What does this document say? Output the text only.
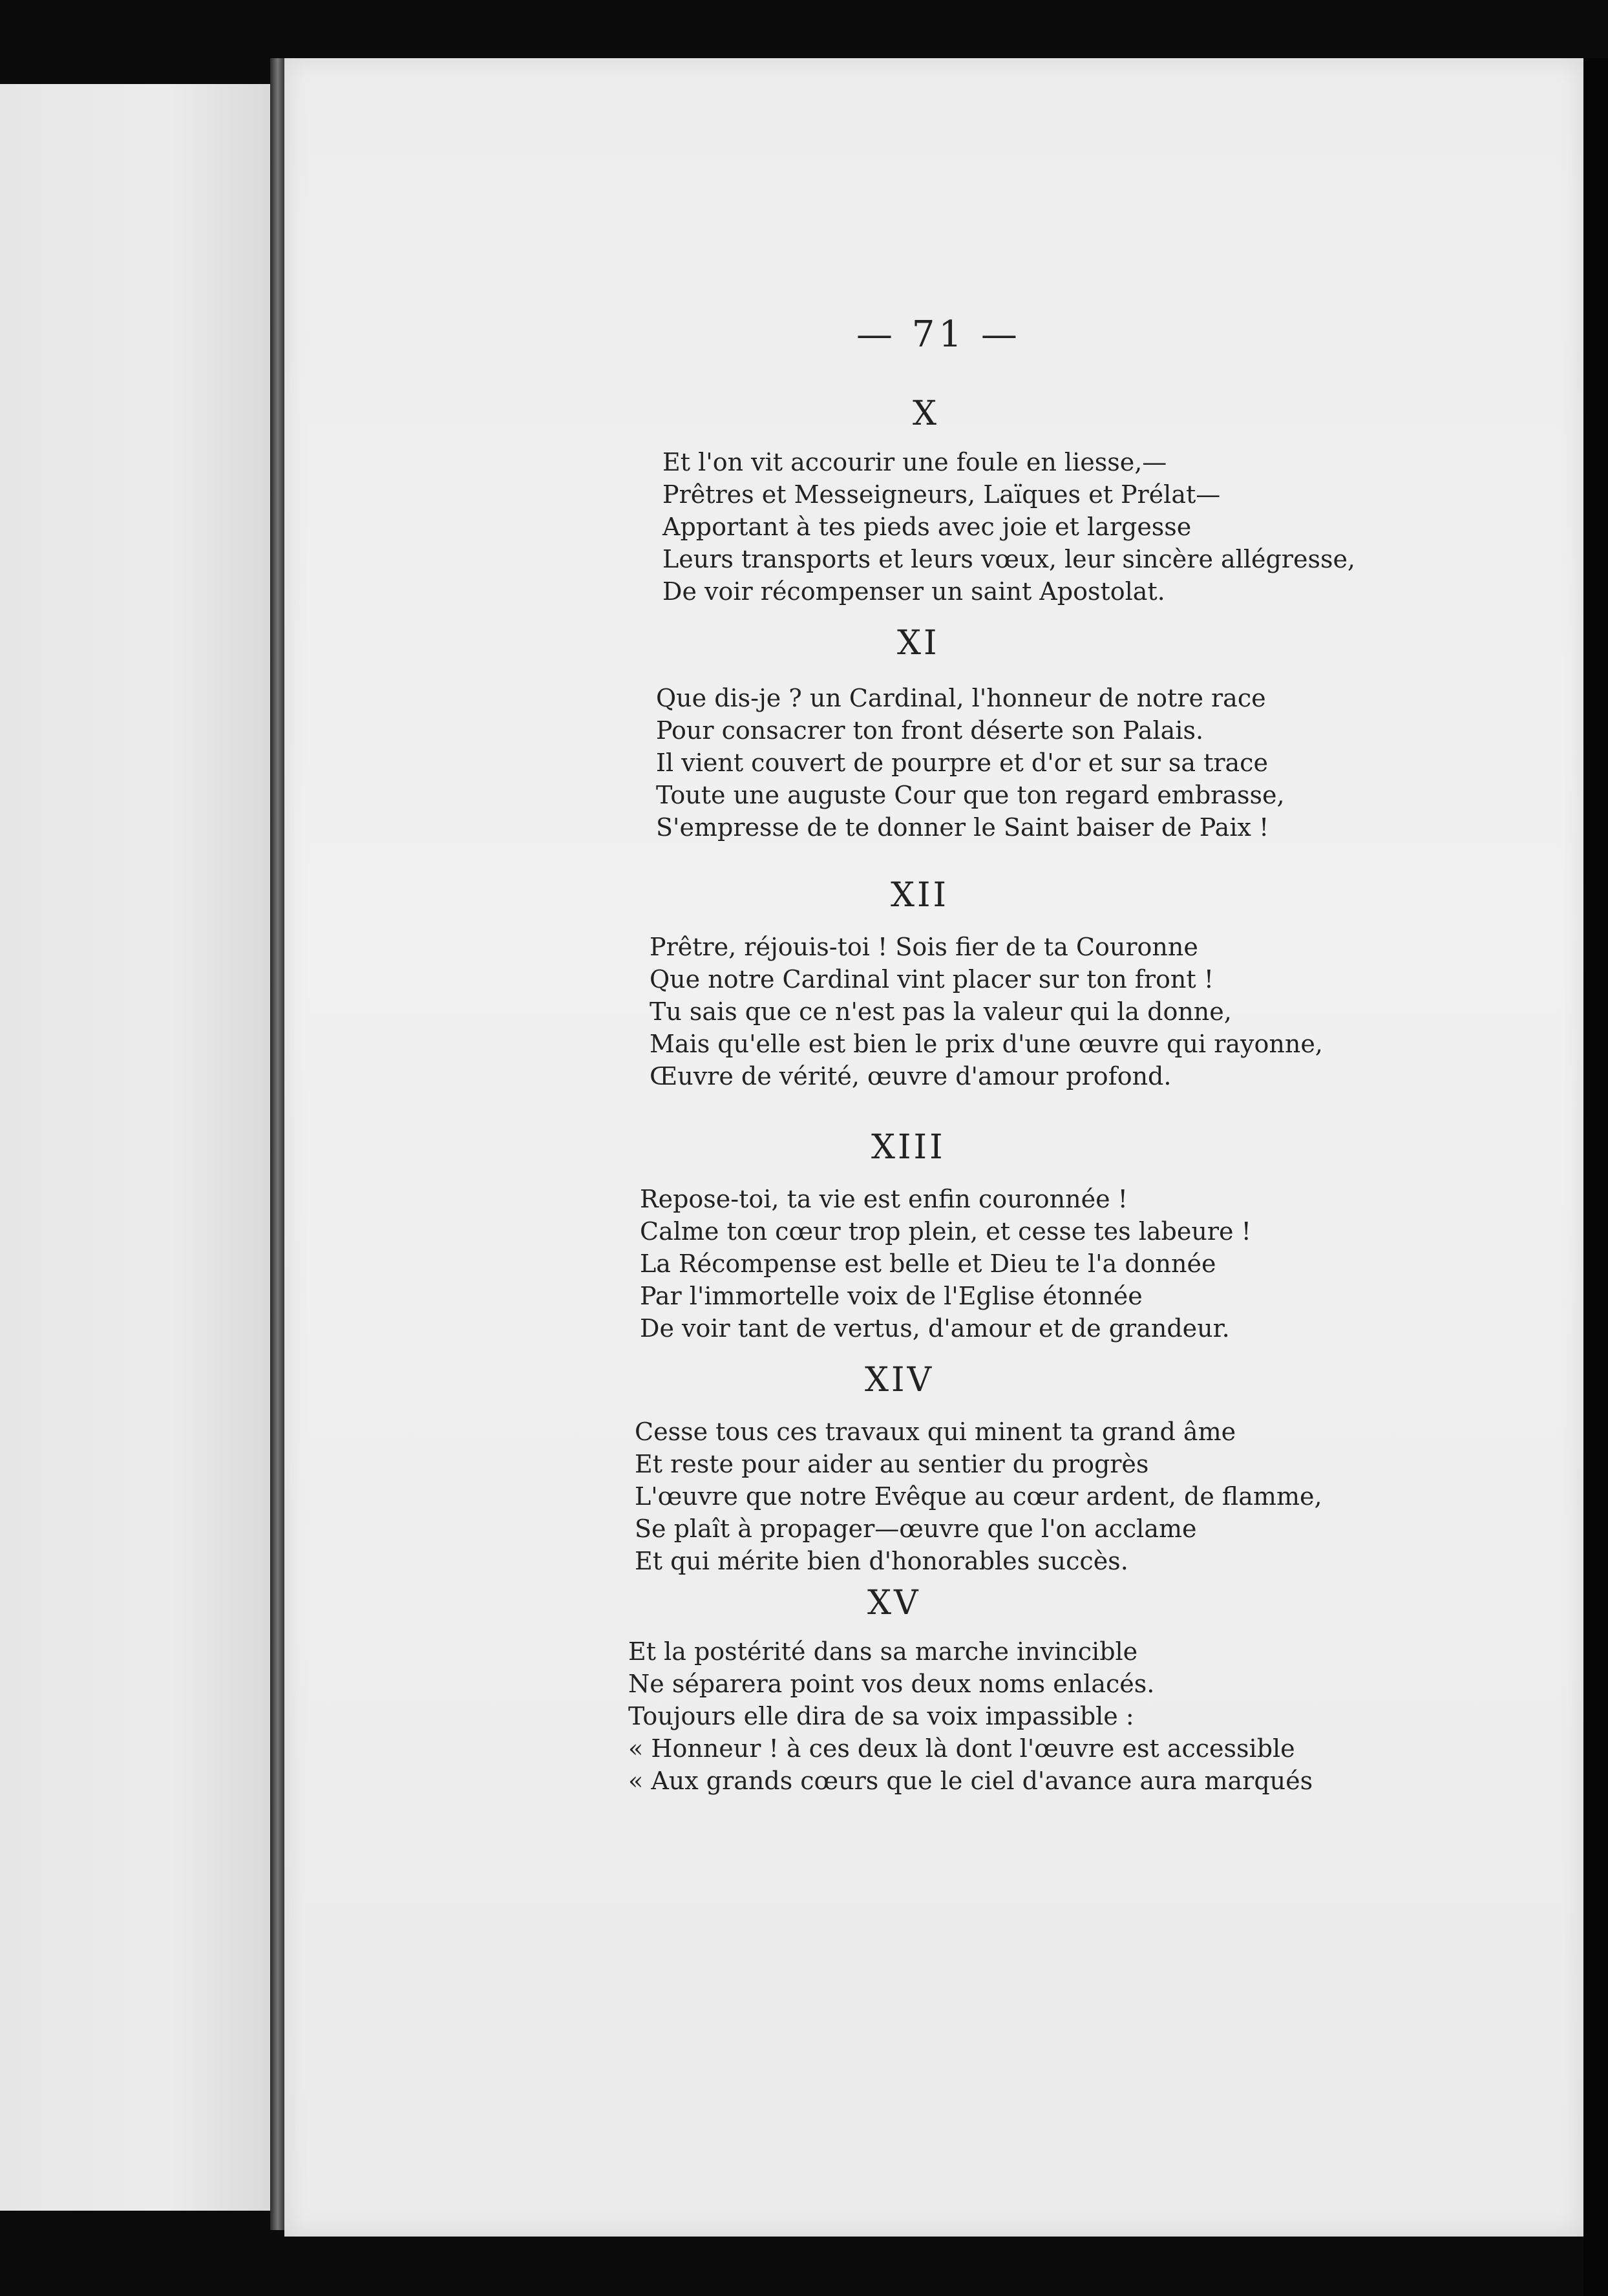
— 71 —
X
Et l'on vit accourir une foule en liesse,—
Prêtres et Messeigneurs, Laïques et Prélat—
Apportant à tes pieds avec joie et largesse
Leurs transports et leurs vœux, leur sincère allégresse,
De voir récompenser un saint Apostolat.
XI
Que dis-je ? un Cardinal, l'honneur de notre race
Pour consacrer ton front déserte son Palais.
Il vient couvert de pourpre et d'or et sur sa trace
Toute une auguste Cour que ton regard embrasse,
S'empresse de te donner le Saint baiser de Paix !
XII
Prêtre, réjouis-toi ! Sois fier de ta Couronne
Que notre Cardinal vint placer sur ton front !
Tu sais que ce n'est pas la valeur qui la donne,
Mais qu'elle est bien le prix d'une œuvre qui rayonne,
Œuvre de vérité, œuvre d'amour profond.
XIII
Repose-toi, ta vie est enfin couronnée !
Calme ton cœur trop plein, et cesse tes labeure !
La Récompense est belle et Dieu te l'a donnée
Par l'immortelle voix de l'Eglise étonnée
De voir tant de vertus, d'amour et de grandeur.
XIV
Cesse tous ces travaux qui minent ta grand âme
Et reste pour aider au sentier du progrès
L'œuvre que notre Evêque au cœur ardent, de flamme,
Se plaît à propager—œuvre que l'on acclame
Et qui mérite bien d'honorables succès.
XV
Et la postérité dans sa marche invincible
Ne séparera point vos deux noms enlacés.
Toujours elle dira de sa voix impassible :
« Honneur ! à ces deux là dont l'œuvre est accessible
« Aux grands cœurs que le ciel d'avance aura marqués
